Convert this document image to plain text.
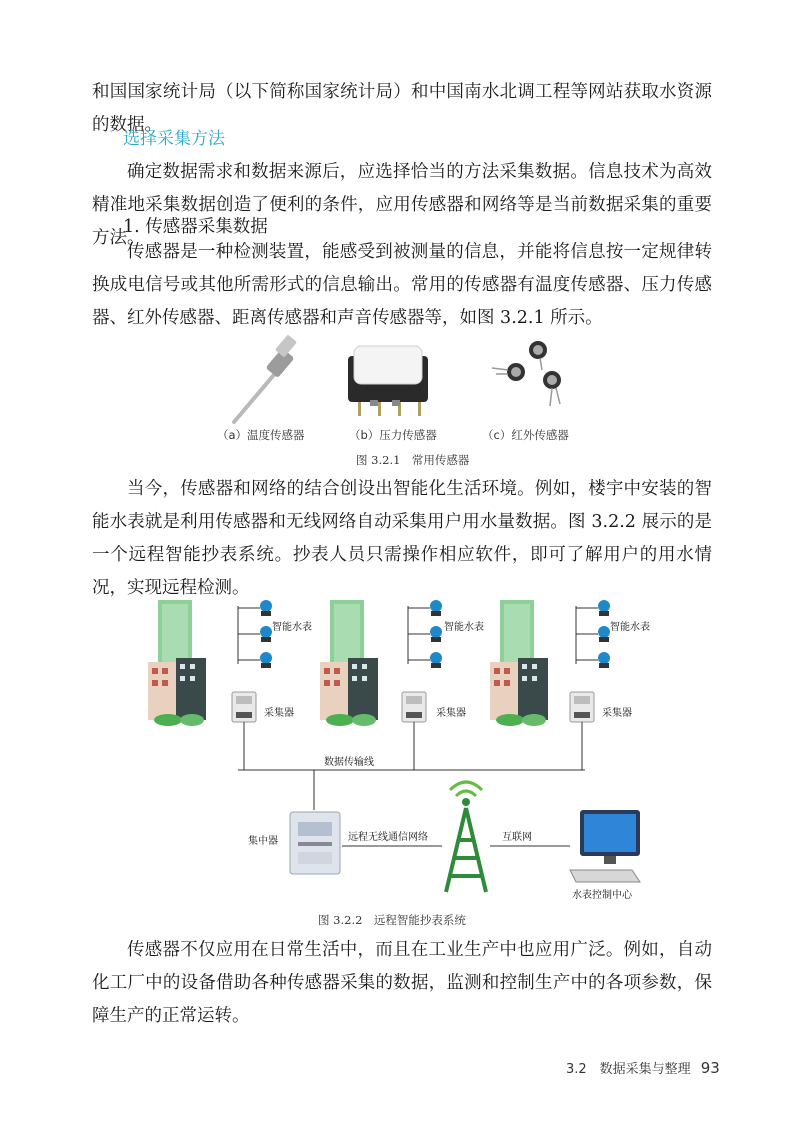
和国国家统计局（以下简称国家统计局）和中国南水北调工程等网站获取水资源的数据。

选择采集方法

确定数据需求和数据来源后，应选择恰当的方法采集数据。信息技术为高效精准地采集数据创造了便利的条件，应用传感器和网络等是当前数据采集的重要方法。

1. 传感器采集数据

传感器是一种检测装置，能感受到被测量的信息，并能将信息按一定规律转换成电信号或其他所需形式的信息输出。常用的传感器有温度传感器、压力传感器、红外传感器、距离传感器和声音传感器等，如图 3.2.1 所示。

（a）温度传感器	（b）压力传感器	（c）红外传感器
图 3.2.1　常用传感器

当今，传感器和网络的结合创设出智能化生活环境。例如，楼宇中安装的智能水表就是利用传感器和无线网络自动采集用户用水量数据。图 3.2.2 展示的是一个远程智能抄表系统。抄表人员只需操作相应软件，即可了解用户的用水情况，实现远程检测。

智能水表
采集器
智能水表
采集器
智能水表
采集器
数据传输线
集中器	远程无线通信网络	互联网
水表控制中心
图 3.2.2　远程智能抄表系统

传感器不仅应用在日常生活中，而且在工业生产中也应用广泛。例如，自动化工厂中的设备借助各种传感器采集的数据，监测和控制生产中的各项参数，保障生产的正常运转。

3.2　数据采集与整理 93
